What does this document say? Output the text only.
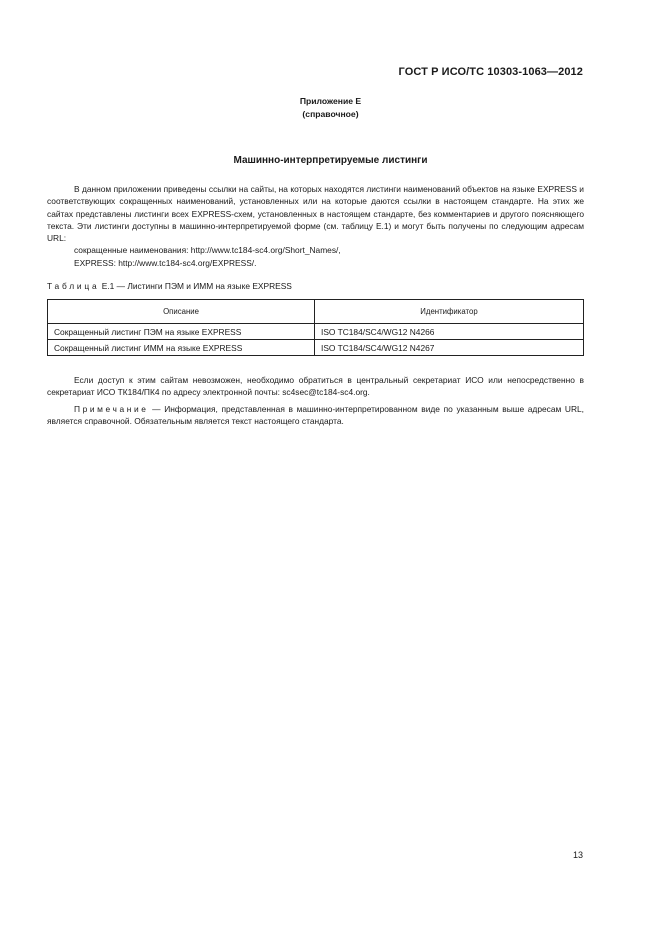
ГОСТ Р ИСО/ТС 10303-1063—2012
Приложение Е
(справочное)
Машинно-интерпретируемые листинги

В данном приложении приведены ссылки на сайты, на которых находятся листинги наименований объектов на языке EXPRESS и соответствующих сокращенных наименований, установленных или на которые даются ссылки в настоящем стандарте. На этих же сайтах представлены листинги всех EXPRESS-схем, установленных в настоящем стандарте, без комментариев и другого поясняющего текста. Эти листинги доступны в машинно-интерпретируемой форме (см. таблицу Е.1) и могут быть получены по следующим адресам URL:

сокращенные наименования: http://www.tc184-sc4.org/Short_Names/,

EXPRESS: http://www.tc184-sc4.org/EXPRESS/.

Таблица Е.1 — Листинги ПЭМ и ИММ на языке EXPRESS
Описание	Идентификатор
Сокращенный листинг ПЭМ на языке EXPRESS	ISO TC184/SC4/WG12 N4266
Сокращенный листинг ИММ на языке EXPRESS	ISO TC184/SC4/WG12 N4267

Если доступ к этим сайтам невозможен, необходимо обратиться в центральный секретариат ИСО или непосредственно в секретариат ИСО ТК184/ПК4 по адресу электронной почты: sc4sec@tc184-sc4.org.

Примечание — Информация, представленная в машинно-интерпретированном виде по указанным выше адресам URL, является справочной. Обязательным является текст настоящего стандарта.

13
